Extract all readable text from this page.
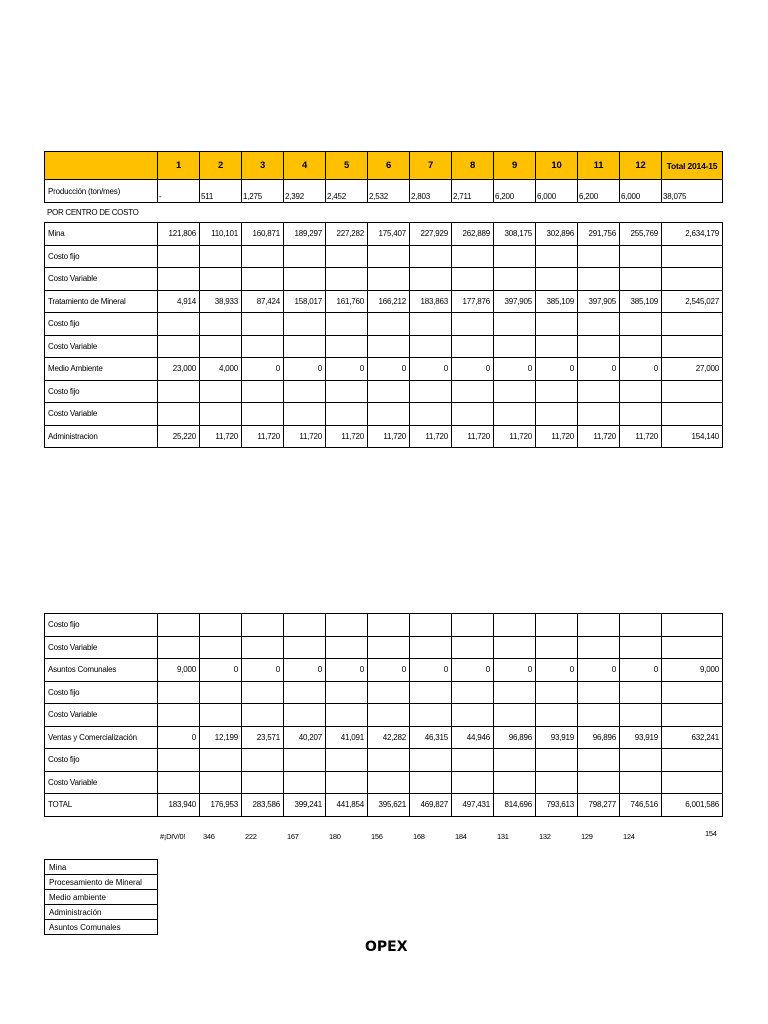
	1	2	3	4	5	6	7	8	9	10	11	12	Total 2014-15
Producción (ton/mes)	-	511	1,275	2,392	2,452	2,532	2,803	2,711	6,200	6,000	6,200	6,000	38,075
POR CENTRO DE COSTO
Mina	121,806	110,101	160,871	189,297	227,282	175,407	227,929	262,889	308,175	302,896	291,756	255,769	2,634,179
Costo fijo													
Costo Variable													
Tratamiento de Mineral	4,914	38,933	87,424	158,017	161,760	166,212	183,863	177,876	397,905	385,109	397,905	385,109	2,545,027
Costo fijo													
Costo Variable													
Medio Ambiente	23,000	4,000	0	0	0	0	0	0	0	0	0	0	27,000
Costo fijo													
Costo Variable													
Administracion	25,220	11,720	11,720	11,720	11,720	11,720	11,720	11,720	11,720	11,720	11,720	11,720	154,140
Costo fijo													
Costo Variable													
Asuntos Comunales	9,000	0	0	0	0	0	0	0	0	0	0	0	9,000
Costo fijo													
Costo Variable													
Ventas y Comercialización	0	12,199	23,571	40,207	41,091	42,282	46,315	44,946	96,896	93,919	96,896	93,919	632,241
Costo fijo													
Costo Variable													
TOTAL	183,940	176,953	283,586	399,241	441,854	395,621	469,827	497,431	814,696	793,613	798,277	746,516	6,001,586
#¡DIV/0! 346	222	167	180	156	168	184	131	132	129	124	154
Mina
Procesamiento de Mineral
Medio ambiente
Administración
Asuntos Comunales
OPEX
